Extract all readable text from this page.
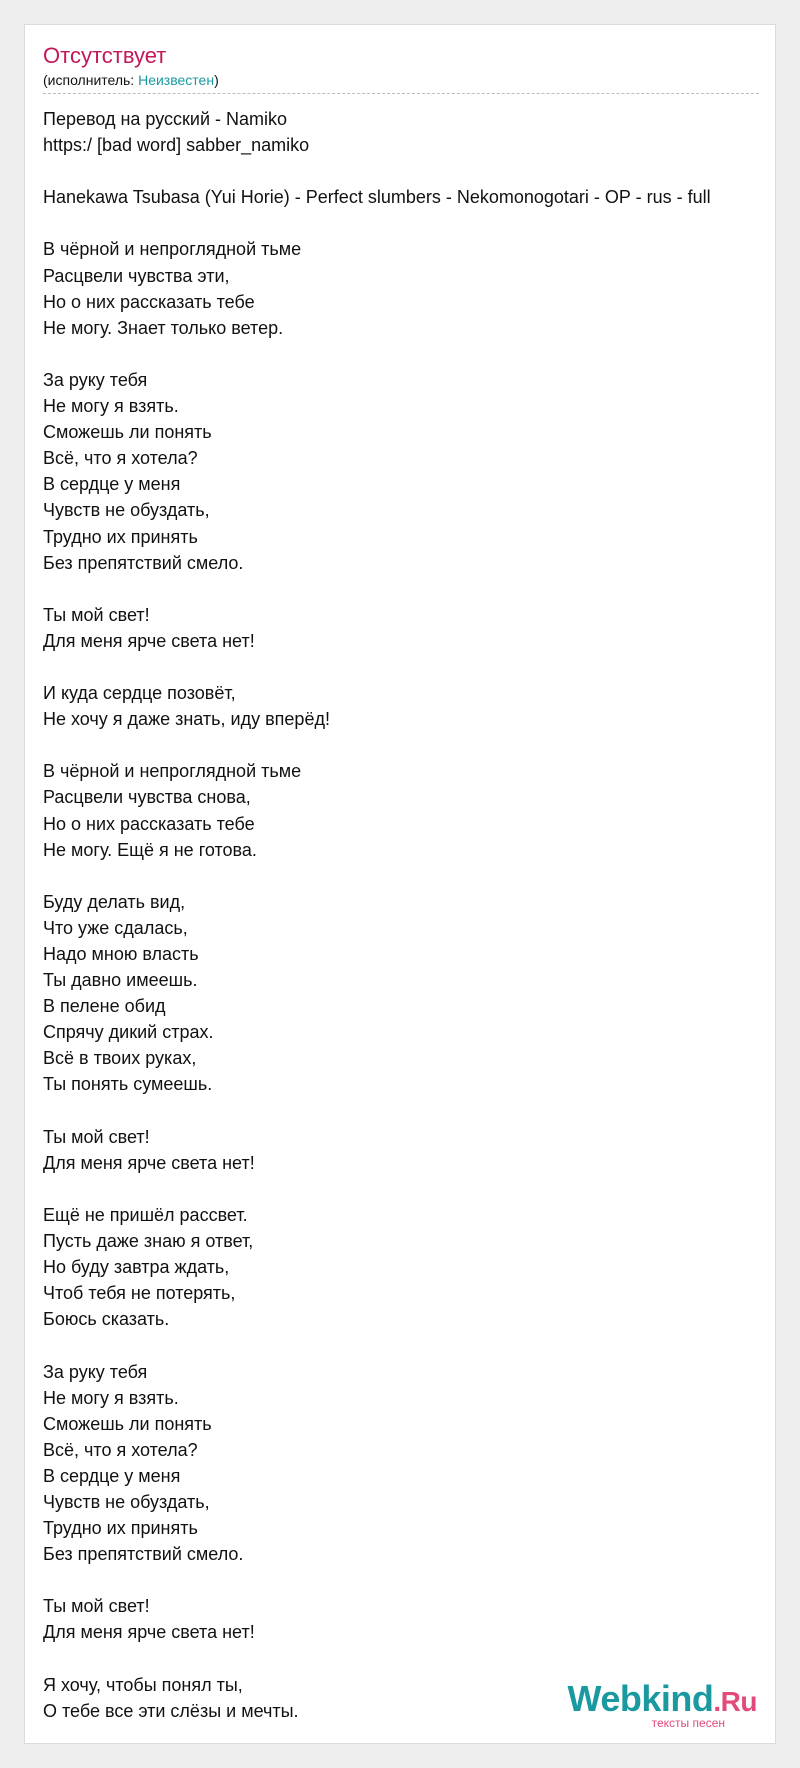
Отсутствует
(исполнитель: Неизвестен)
Перевод на русский - Namiko
https:/ [bad word] sabber_namiko

Hanekawa Tsubasa (Yui Horie) - Perfect slumbers - Nekomonogotari - OP - rus - full

В чёрной и непроглядной тьме
Расцвели чувства эти,
Но о них рассказать тебе
Не могу. Знает только ветер.

За руку тебя
Не могу я взять.
Сможешь ли понять
Всё, что я хотела?
В сердце у меня
Чувств не обуздать,
Трудно их принять
Без препятствий смело.

Ты мой свет!
Для меня ярче света нет!

И куда сердце позовёт,
Не хочу я даже знать, иду вперёд!

В чёрной и непроглядной тьме
Расцвели чувства снова,
Но о них рассказать тебе
Не могу. Ещё я не готова.

Буду делать вид,
Что уже сдалась,
Надо мною власть
Ты давно имеешь.
В пелене обид
Спрячу дикий страх.
Всё в твоих руках,
Ты понять сумеешь.

Ты мой свет!
Для меня ярче света нет!

Ещё не пришёл рассвет.
Пусть даже знаю я ответ,
Но буду завтра ждать,
Чтоб тебя не потерять,
Боюсь сказать.

За руку тебя
Не могу я взять.
Сможешь ли понять
Всё, что я хотела?
В сердце у меня
Чувств не обуздать,
Трудно их принять
Без препятствий смело.

Ты мой свет!
Для меня ярче света нет!

Я хочу, чтобы понял ты,
О тебе все эти слёзы и мечты.	Webkind.Ru
тексты песен
